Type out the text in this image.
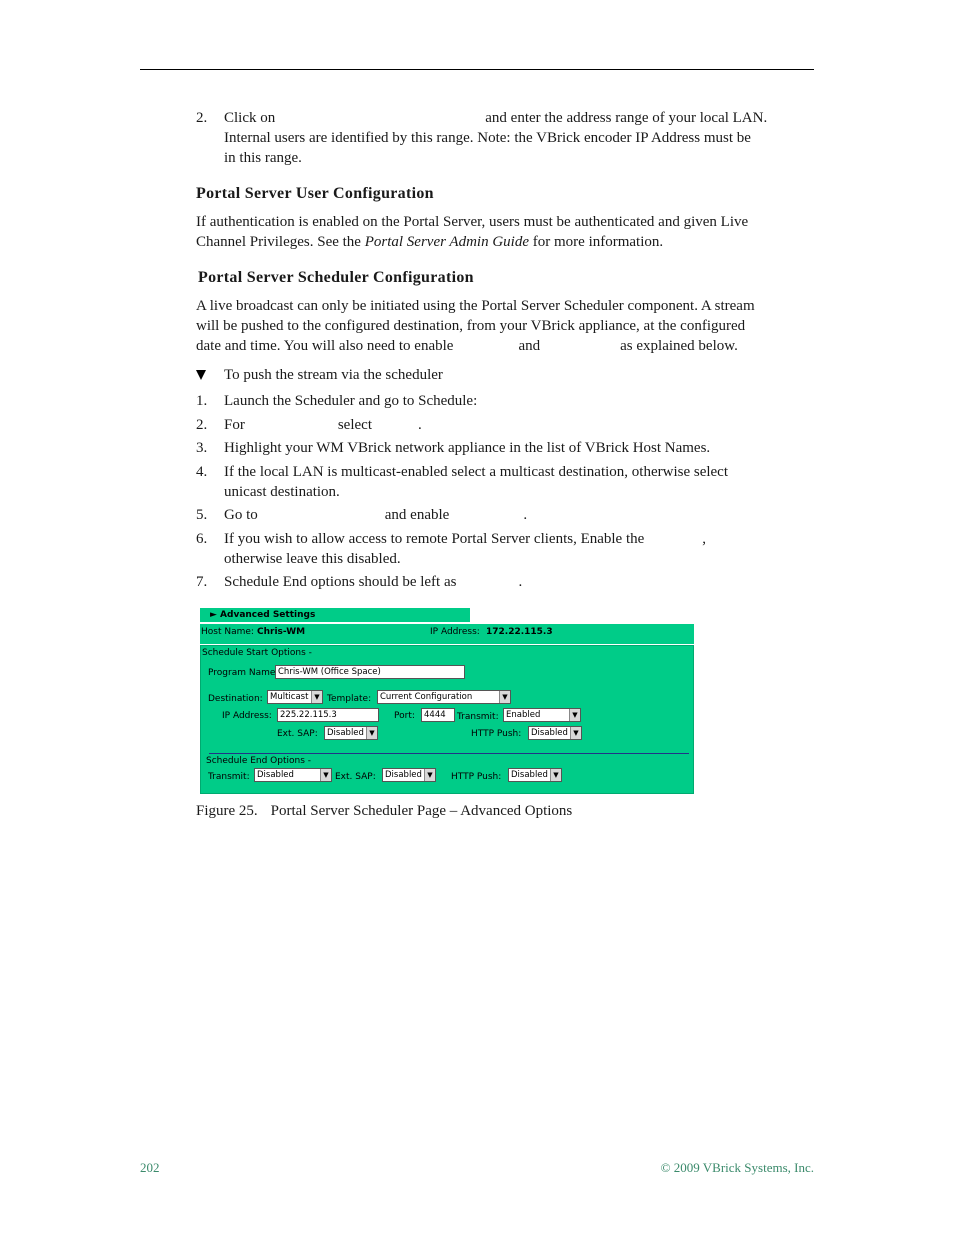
2. Click on	and enter the address range of your local LAN.
Internal users are identified by this range. Note: the VBrick encoder IP Address must be
in this range.
Portal Server User Configuration

If authentication is enabled on the Portal Server, users must be authenticated and given Live
Channel Privileges. See the Portal Server Admin Guide for more information.

Portal Server Scheduler Configuration

A live broadcast can only be initiated using the Portal Server Scheduler component. A stream
will be pushed to the configured destination, from your VBrick appliance, at the configured
date and time. You will also need to enable	and	as explained below.

To push the stream via the scheduler
1. Launch the Scheduler and go to Schedule:
2. For	select	.
3. Highlight your WM VBrick network appliance in the list of VBrick Host Names.
4. If the local LAN is multicast-enabled select a multicast destination, otherwise select
unicast destination.
5. Go to	and enable	.
6. If you wish to allow access to remote Portal Server clients, Enable the	,
otherwise leave this disabled.
7. Schedule End options should be left as	.
► Advanced Settings
Host Name: Chris-WM	IP Address: 172.22.115.3
Schedule Start Options -
Program Name Chris-WM (Office Space)
Destination: Multicast ▼ Template:	Current Configuration	▼
IP Address: 225.22.115.3	Port:	4444	Transmit: Enabled	▼
Ext. SAP:	Disabled ▼	HTTP Push:	Disabled ▼
Schedule End Options -
Transmit: Disabled	▼ Ext. SAP:	Disabled ▼ HTTP Push:	Disabled ▼
Figure 25. Portal Server Scheduler Page – Advanced Options
202	© 2009 VBrick Systems, Inc.
